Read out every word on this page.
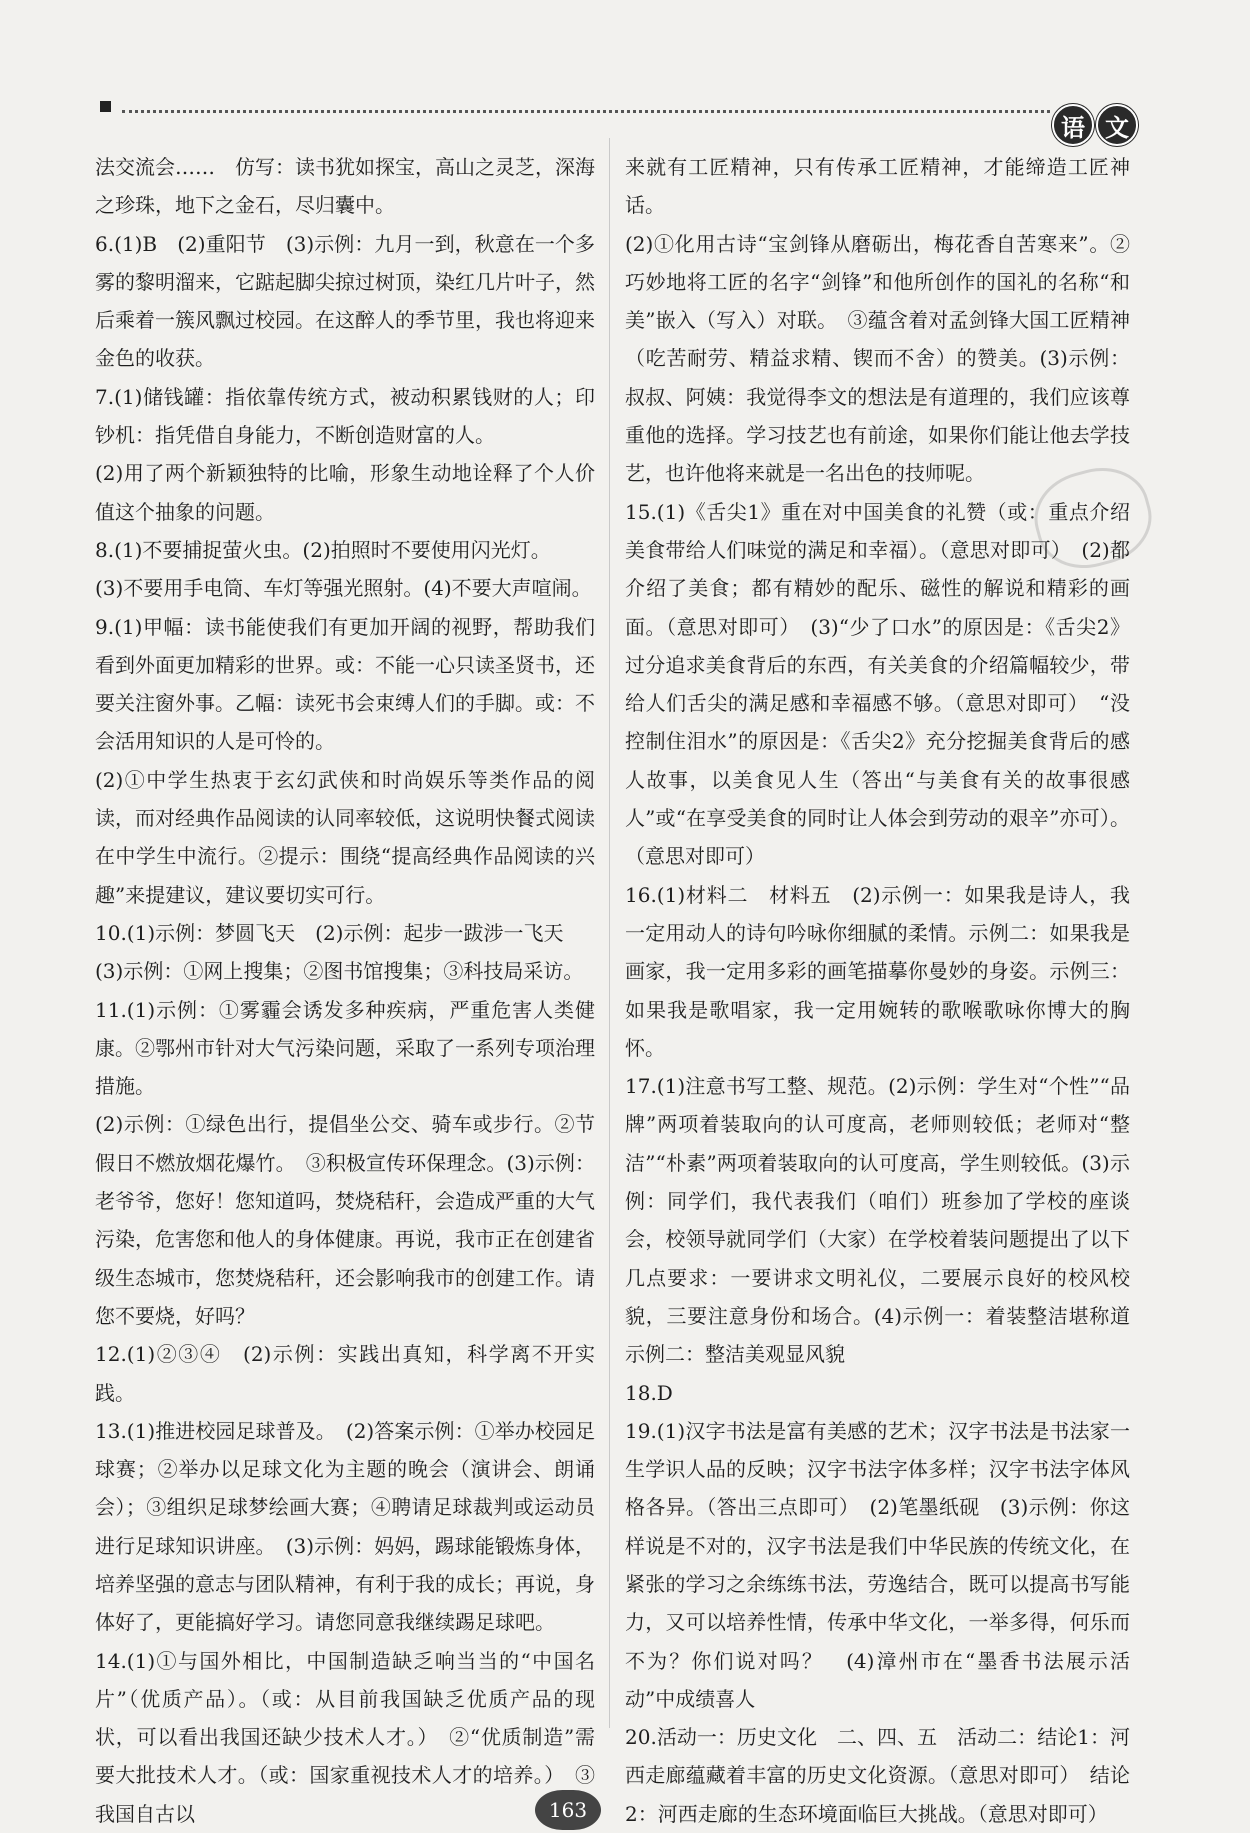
语 文

法交流会……　仿写：读书犹如探宝，高山之灵芝，深海之珍珠，地下之金石，尽归囊中。

6.(1)B　(2)重阳节　(3)示例：九月一到，秋意在一个多雾的黎明溜来，它踮起脚尖掠过树顶，染红几片叶子，然后乘着一簇风飘过校园。在这醉人的季节里，我也将迎来金色的收获。

7.(1)储钱罐：指依靠传统方式，被动积累钱财的人；印钞机：指凭借自身能力，不断创造财富的人。

(2)用了两个新颖独特的比喻，形象生动地诠释了个人价值这个抽象的问题。

8.(1)不要捕捉萤火虫。(2)拍照时不要使用闪光灯。

(3)不要用手电筒、车灯等强光照射。(4)不要大声喧闹。

9.(1)甲幅：读书能使我们有更加开阔的视野，帮助我们看到外面更加精彩的世界。或：不能一心只读圣贤书，还要关注窗外事。乙幅：读死书会束缚人们的手脚。或：不会活用知识的人是可怜的。

(2)①中学生热衷于玄幻武侠和时尚娱乐等类作品的阅读，而对经典作品阅读的认同率较低，这说明快餐式阅读在中学生中流行。②提示：围绕“提高经典作品阅读的兴趣”来提建议，建议要切实可行。

10.(1)示例：梦圆飞天　(2)示例：起步一跋涉一飞天

(3)示例：①网上搜集；②图书馆搜集；③科技局采访。

11.(1)示例：①雾霾会诱发多种疾病，严重危害人类健康。②鄂州市针对大气污染问题，采取了一系列专项治理措施。

(2)示例：①绿色出行，提倡坐公交、骑车或步行。②节假日不燃放烟花爆竹。　③积极宣传环保理念。(3)示例：老爷爷，您好！您知道吗，焚烧秸秆，会造成严重的大气污染，危害您和他人的身体健康。再说，我市正在创建省级生态城市，您焚烧秸秆，还会影响我市的创建工作。请您不要烧，好吗？

12.(1)②③④　(2)示例：实践出真知，科学离不开实践。

13.(1)推进校园足球普及。　(2)答案示例：①举办校园足球赛；②举办以足球文化为主题的晚会（演讲会、朗诵会）；③组织足球梦绘画大赛；④聘请足球裁判或运动员进行足球知识讲座。　(3)示例：妈妈，踢球能锻炼身体，培养坚强的意志与团队精神，有利于我的成长；再说，身体好了，更能搞好学习。请您同意我继续踢足球吧。

14.(1)①与国外相比，中国制造缺乏响当当的“中国名片”（优质产品）。（或：从目前我国缺乏优质产品的现状，可以看出我国还缺少技术人才。）　②“优质制造”需要大批技术人才。（或：国家重视技术人才的培养。）　③我国自古以

来就有工匠精神，只有传承工匠精神，才能缔造工匠神话。

(2)①化用古诗“宝剑锋从磨砺出，梅花香自苦寒来”。②巧妙地将工匠的名字“剑锋”和他所创作的国礼的名称“和美”嵌入（写入）对联。　③蕴含着对孟剑锋大国工匠精神（吃苦耐劳、精益求精、锲而不舍）的赞美。(3)示例：叔叔、阿姨：我觉得李文的想法是有道理的，我们应该尊重他的选择。学习技艺也有前途，如果你们能让他去学技艺，也许他将来就是一名出色的技师呢。

15.(1)《舌尖1》重在对中国美食的礼赞（或：重点介绍美食带给人们味觉的满足和幸福）。（意思对即可）　(2)都介绍了美食；都有精妙的配乐、磁性的解说和精彩的画面。（意思对即可）　(3)“少了口水”的原因是：《舌尖2》过分追求美食背后的东西，有关美食的介绍篇幅较少，带给人们舌尖的满足感和幸福感不够。（意思对即可）　“没控制住泪水”的原因是：《舌尖2》充分挖掘美食背后的感人故事，以美食见人生（答出“与美食有关的故事很感人”或“在享受美食的同时让人体会到劳动的艰辛”亦可）。（意思对即可）

16.(1)材料二　材料五　(2)示例一：如果我是诗人，我一定用动人的诗句吟咏你细腻的柔情。示例二：如果我是画家，我一定用多彩的画笔描摹你曼妙的身姿。示例三：如果我是歌唱家，我一定用婉转的歌喉歌咏你博大的胸怀。

17.(1)注意书写工整、规范。(2)示例：学生对“个性”“品牌”两项着装取向的认可度高，老师则较低；老师对“整洁”“朴素”两项着装取向的认可度高，学生则较低。(3)示例：同学们，我代表我们（咱们）班参加了学校的座谈会，校领导就同学们（大家）在学校着装问题提出了以下几点要求：一要讲求文明礼仪，二要展示良好的校风校貌，三要注意身份和场合。(4)示例一：着装整洁堪称道　示例二：整洁美观显风貌

18.D

19.(1)汉字书法是富有美感的艺术；汉字书法是书法家一生学识人品的反映；汉字书法字体多样；汉字书法字体风格各异。（答出三点即可）　(2)笔墨纸砚　(3)示例：你这样说是不对的，汉字书法是我们中华民族的传统文化，在紧张的学习之余练练书法，劳逸结合，既可以提高书写能力，又可以培养性情，传承中华文化，一举多得，何乐而不为？你们说对吗？　(4)漳州市在“墨香书法展示活动”中成绩喜人

20.活动一：历史文化　二、四、五　活动二：结论1：河西走廊蕴藏着丰富的历史文化资源。（意思对即可）　结论2：河西走廊的生态环境面临巨大挑战。（意思对即可）

163
